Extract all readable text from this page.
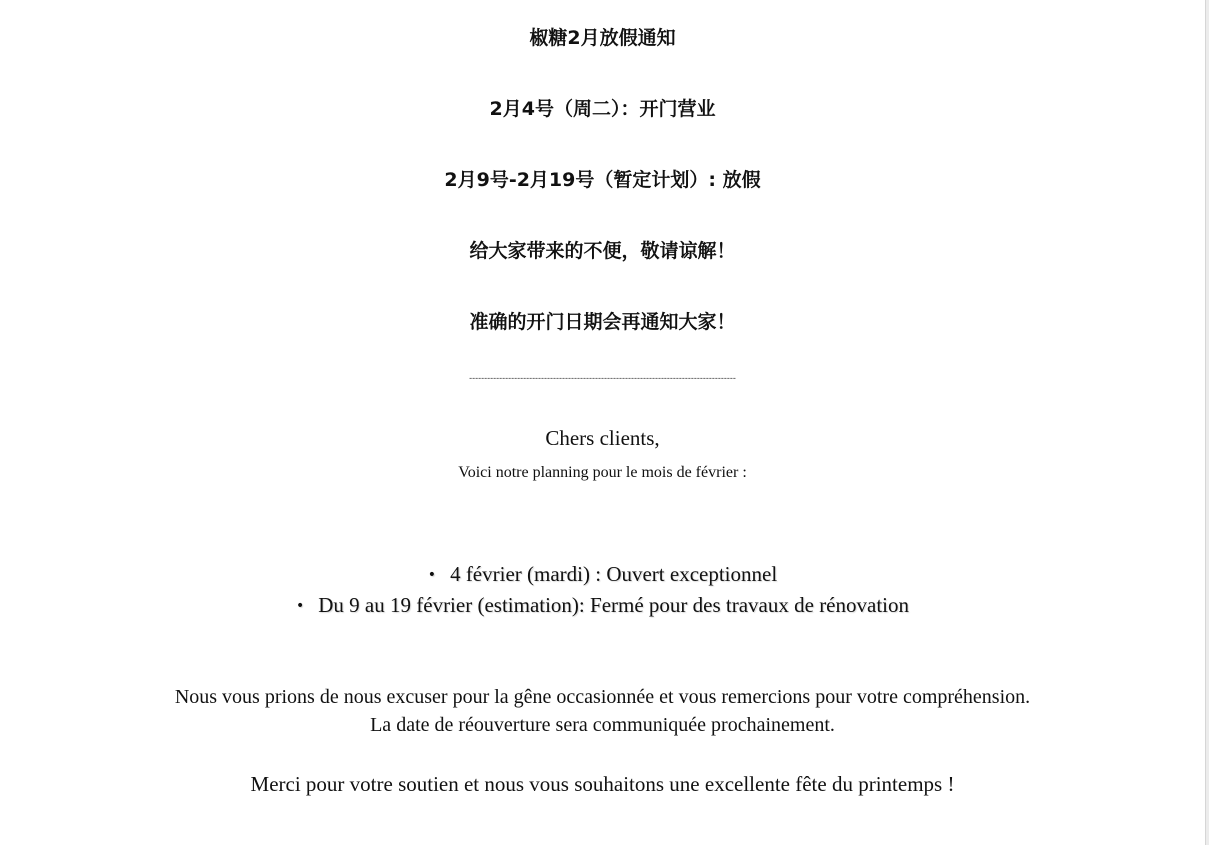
椒糖2月放假通知

2月4号（周二）：开门营业

2月9号-2月19号（暂定计划）: 放假

给大家带来的不便，敬请谅解！

准确的开门日期会再通知大家！

-----------------------------------------------------------------------------------------
Chers clients,
Voici notre planning pour le mois de février :
• 4 février (mardi) : Ouvert exceptionnel
• Du 9 au 19 février (estimation): Fermé pour des travaux de rénovation
Nous vous prions de nous excuser pour la gêne occasionnée et vous remercions pour votre compréhension.
La date de réouverture sera communiquée prochainement.
Merci pour votre soutien et nous vous souhaitons une excellente fête du printemps !
